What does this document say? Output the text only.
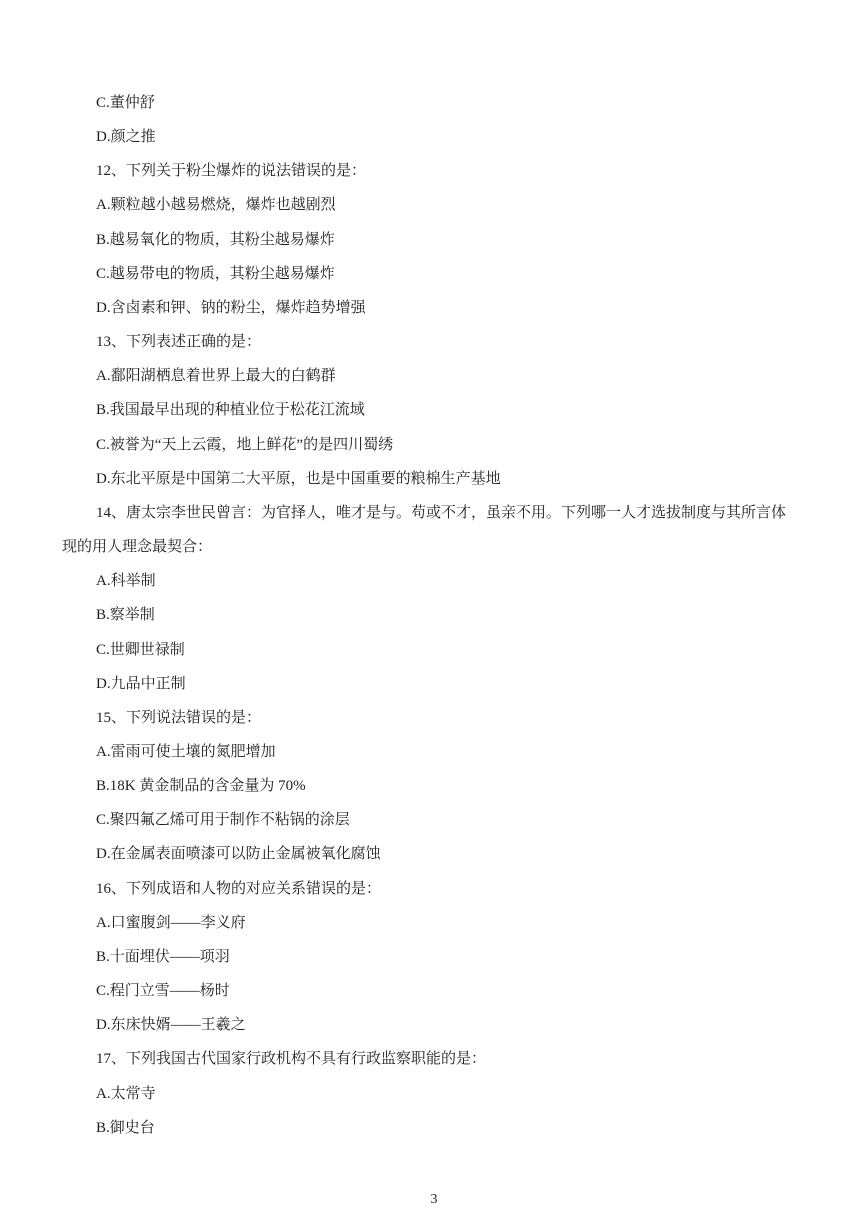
C.董仲舒
D.颜之推
12、下列关于粉尘爆炸的说法错误的是：
A.颗粒越小越易燃烧，爆炸也越剧烈
B.越易氧化的物质，其粉尘越易爆炸
C.越易带电的物质，其粉尘越易爆炸
D.含卤素和钾、钠的粉尘，爆炸趋势增强
13、下列表述正确的是：
A.鄱阳湖栖息着世界上最大的白鹤群
B.我国最早出现的种植业位于松花江流域
C.被誉为“天上云霞，地上鲜花”的是四川蜀绣
D.东北平原是中国第二大平原，也是中国重要的粮棉生产基地
14、唐太宗李世民曾言：为官择人，唯才是与。苟或不才，虽亲不用。下列哪一人才选拔制度与其所言体
现的用人理念最契合：
A.科举制
B.察举制
C.世卿世禄制
D.九品中正制
15、下列说法错误的是：
A.雷雨可使土壤的氮肥增加
B.18K 黄金制品的含金量为 70%
C.聚四氟乙烯可用于制作不粘锅的涂层
D.在金属表面喷漆可以防止金属被氧化腐蚀
16、下列成语和人物的对应关系错误的是：
A.口蜜腹剑——李义府
B.十面埋伏——项羽
C.程门立雪——杨时
D.东床快婿——王羲之
17、下列我国古代国家行政机构不具有行政监察职能的是：
A.太常寺
B.御史台
3
